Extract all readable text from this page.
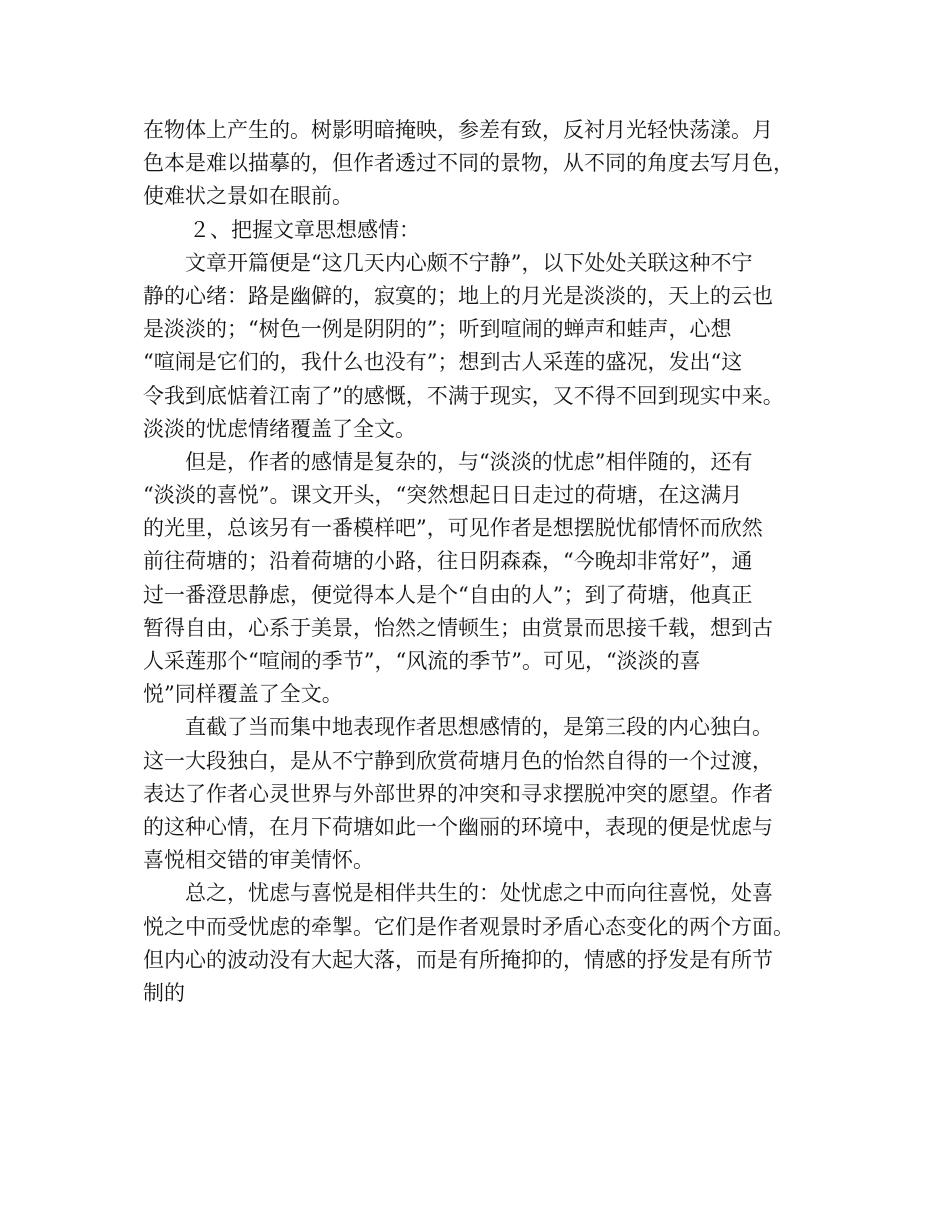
在物体上产生的。树影明暗掩映，参差有致，反衬月光轻快荡漾。月
色本是难以描摹的，但作者透过不同的景物，从不同的角度去写月色，
使难状之景如在眼前。
２、把握文章思想感情：
文章开篇便是“这几天内心颇不宁静”，以下处处关联这种不宁
静的心绪：路是幽僻的，寂寞的；地上的月光是淡淡的，天上的云也
是淡淡的；“树色一例是阴阴的”；听到喧闹的蝉声和蛙声，心想
“喧闹是它们的，我什么也没有”；想到古人采莲的盛况，发出“这
令我到底惦着江南了”的感慨，不满于现实，又不得不回到现实中来。
淡淡的忧虑情绪覆盖了全文。
但是，作者的感情是复杂的，与“淡淡的忧虑”相伴随的，还有
“淡淡的喜悦”。课文开头，“突然想起日日走过的荷塘，在这满月
的光里，总该另有一番模样吧”，可见作者是想摆脱忧郁情怀而欣然
前往荷塘的；沿着荷塘的小路，往日阴森森，“今晚却非常好”，通
过一番澄思静虑，便觉得本人是个“自由的人”；到了荷塘，他真正
暂得自由，心系于美景，怡然之情顿生；由赏景而思接千载，想到古
人采莲那个“喧闹的季节”，“风流的季节”。可见，“淡淡的喜
悦”同样覆盖了全文。
直截了当而集中地表现作者思想感情的，是第三段的内心独白。
这一大段独白，是从不宁静到欣赏荷塘月色的怡然自得的一个过渡，
表达了作者心灵世界与外部世界的冲突和寻求摆脱冲突的愿望。作者
的这种心情，在月下荷塘如此一个幽丽的环境中，表现的便是忧虑与
喜悦相交错的审美情怀。
总之，忧虑与喜悦是相伴共生的：处忧虑之中而向往喜悦，处喜
悦之中而受忧虑的牵掣。它们是作者观景时矛盾心态变化的两个方面。
但内心的波动没有大起大落，而是有所掩抑的，情感的抒发是有所节
制的
